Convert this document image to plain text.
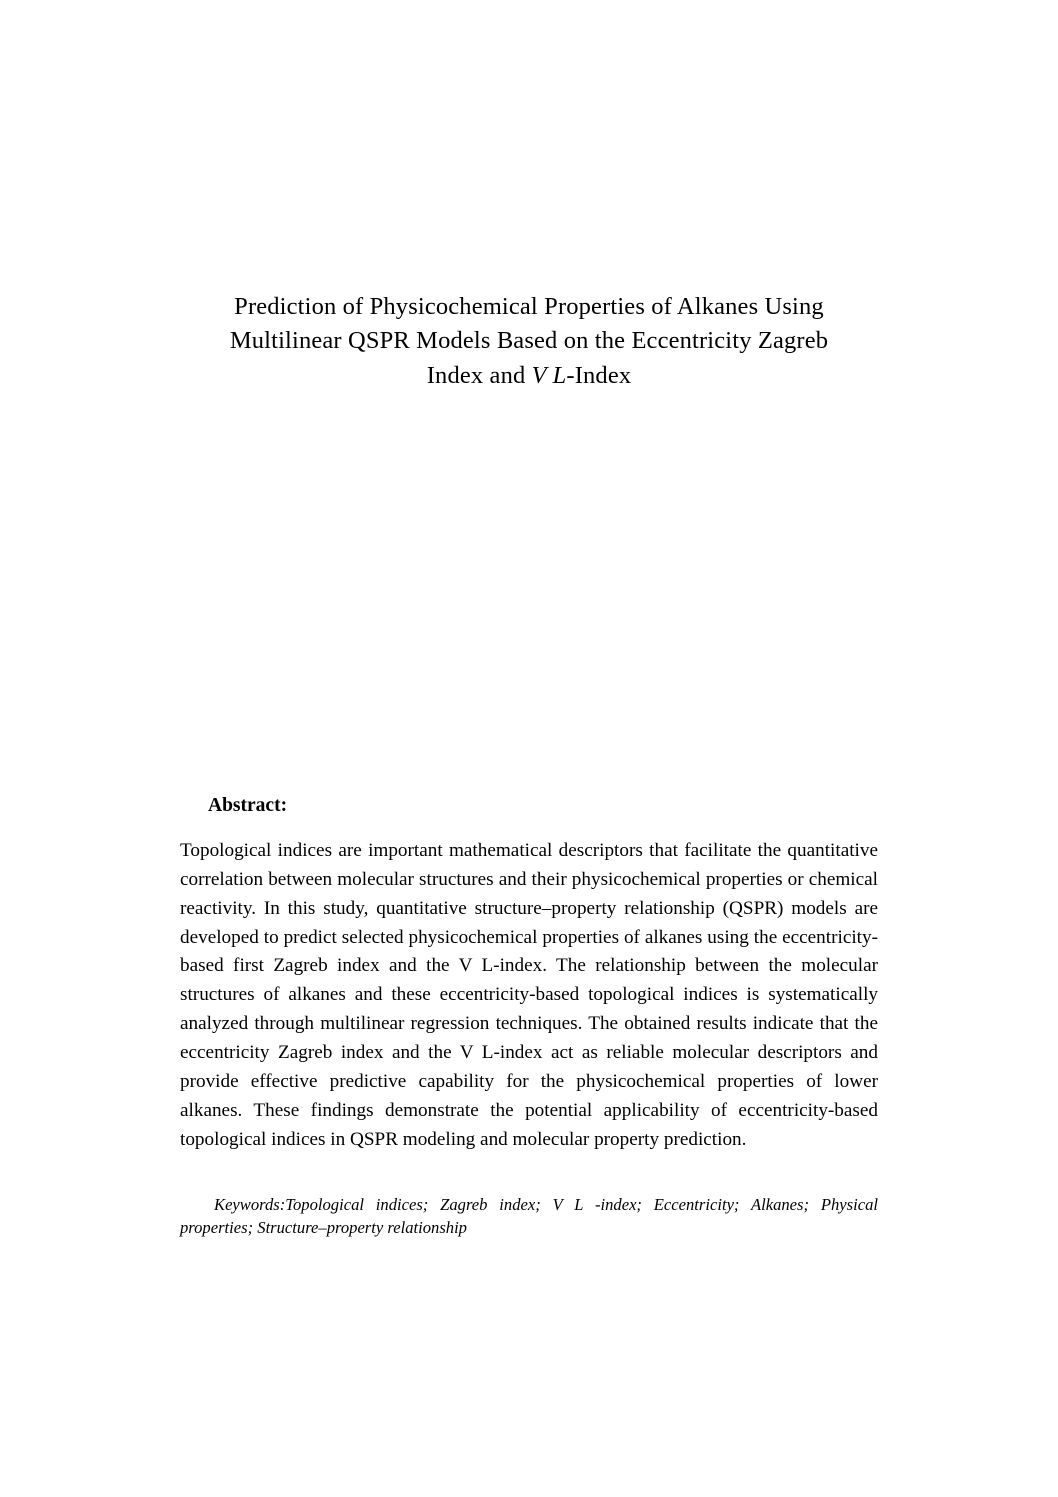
Prediction of Physicochemical Properties of Alkanes Using
Multilinear QSPR Models Based on the Eccentricity Zagreb
Index and V L-Index
Abstract:

Topological indices are important mathematical descriptors that facilitate the quantitative correlation between molecular structures and their physicochemical properties or chemical reactivity. In this study, quantitative structure–property relationship (QSPR) models are developed to predict selected physicochemical properties of alkanes using the eccentricity-based first Zagreb index and the V L-index. The relationship between the molecular structures of alkanes and these eccentricity-based topological indices is systematically analyzed through multilinear regression techniques. The obtained results indicate that the eccentricity Zagreb index and the V L-index act as reliable molecular descriptors and provide effective predictive capability for the physicochemical properties of lower alkanes. These findings demonstrate the potential applicability of eccentricity-based topological indices in QSPR modeling and molecular property prediction.

Keywords:Topological indices; Zagreb index; V L -index; Eccentricity; Alkanes; Physical properties; Structure–property relationship
